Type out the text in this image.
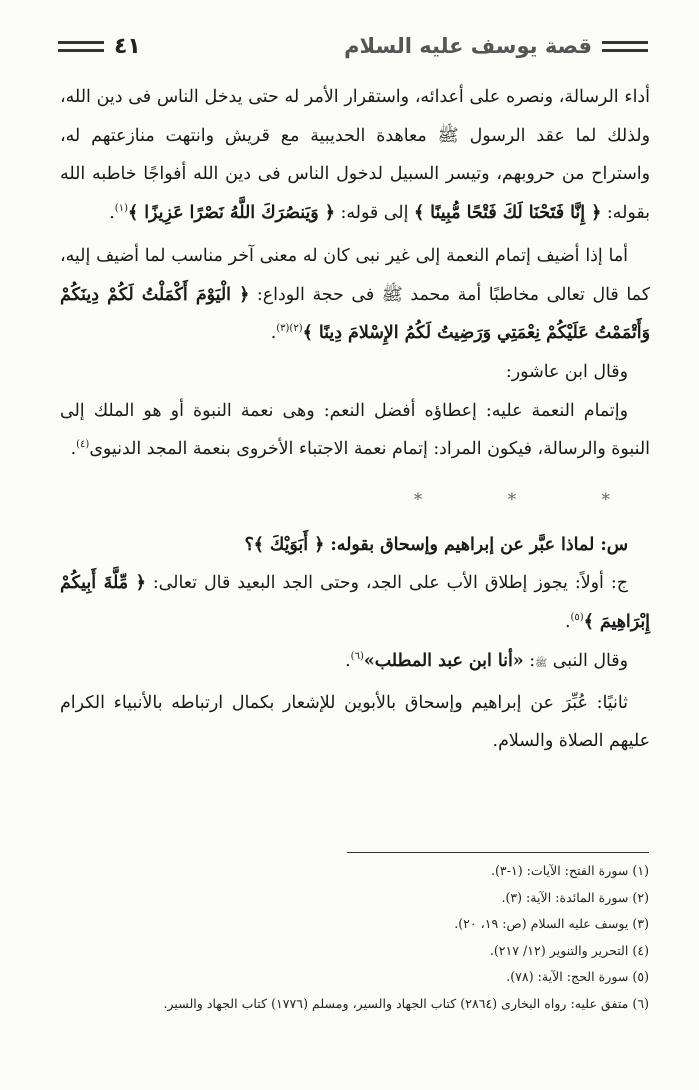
قصة يوسف عليه السلام
٤١

أداء الرسالة، ونصره على أعدائه، واستقرار الأمر له حتى يدخل الناس فى دين الله، ولذلك لما عقد الرسول ﷺ معاهدة الحديبية مع قريش وانتهت منازعتهم له، واستراح من حروبهم، وتيسر السبيل لدخول الناس فى دين الله أفواجًا خاطبه الله بقوله: ﴿ إِنَّا فَتَحْنَا لَكَ فَتْحًا مُّبِينًا ﴾ إلى قوله: ﴿ وَيَنصُرَكَ اللَّهُ نَصْرًا عَزِيزًا ﴾$^{(١)}$.

أما إذا أضيف إتمام النعمة إلى غير نبى كان له معنى آخر مناسب لما أضيف إليه، كما قال تعالى مخاطبًا أمة محمد ﷺ فى حجة الوداع: ﴿ الْيَوْمَ أَكْمَلْتُ لَكُمْ دِينَكُمْ وَأَتْمَمْتُ عَلَيْكُمْ نِعْمَتِي وَرَضِيتُ لَكُمُ الإِسْلامَ دِينًا ﴾$^{(٢)(٣)}$.

وقال ابن عاشور:

وإتمام النعمة عليه: إعطاؤه أفضل النعم: وهى نعمة النبوة أو هو الملك إلى النبوة والرسالة، فيكون المراد: إتمام نعمة الاجتباء الأخروى بنعمة المجد الدنيوى$^{(٤)}$.

* * *

س: لماذا عبَّر عن إبراهيم وإسحاق بقوله: ﴿ أَبَوَيْكَ ﴾؟

ج: أولاً: يجوز إطلاق الأب على الجد، وحتى الجد البعيد قال تعالى: ﴿ مِّلَّةَ أَبِيكُمْ إِبْرَاهِيمَ ﴾$^{(٥)}$.

وقال النبى ﷺ: «أنا ابن عبد المطلب»$^{(٦)}$.

ثانيًا: عُبِّرَ عن إبراهيم وإسحاق بالأبوين للإشعار بكمال ارتباطه بالأنبياء الكرام عليهم الصلاة والسلام.

(١) سورة الفتح: الآيات: (١-٣).

(٢) سورة المائدة: الآية: (٣).

(٣) يوسف عليه السلام (ص: ١٩، ٢٠).

(٤) التحرير والتنوير (١٢/ ٢١٧).

(٥) سورة الحج: الآية: (٧٨).

(٦) متفق عليه: رواه البخارى (٢٨٦٤) كتاب الجهاد والسير، ومسلم (١٧٧٦) كتاب الجهاد والسير.
